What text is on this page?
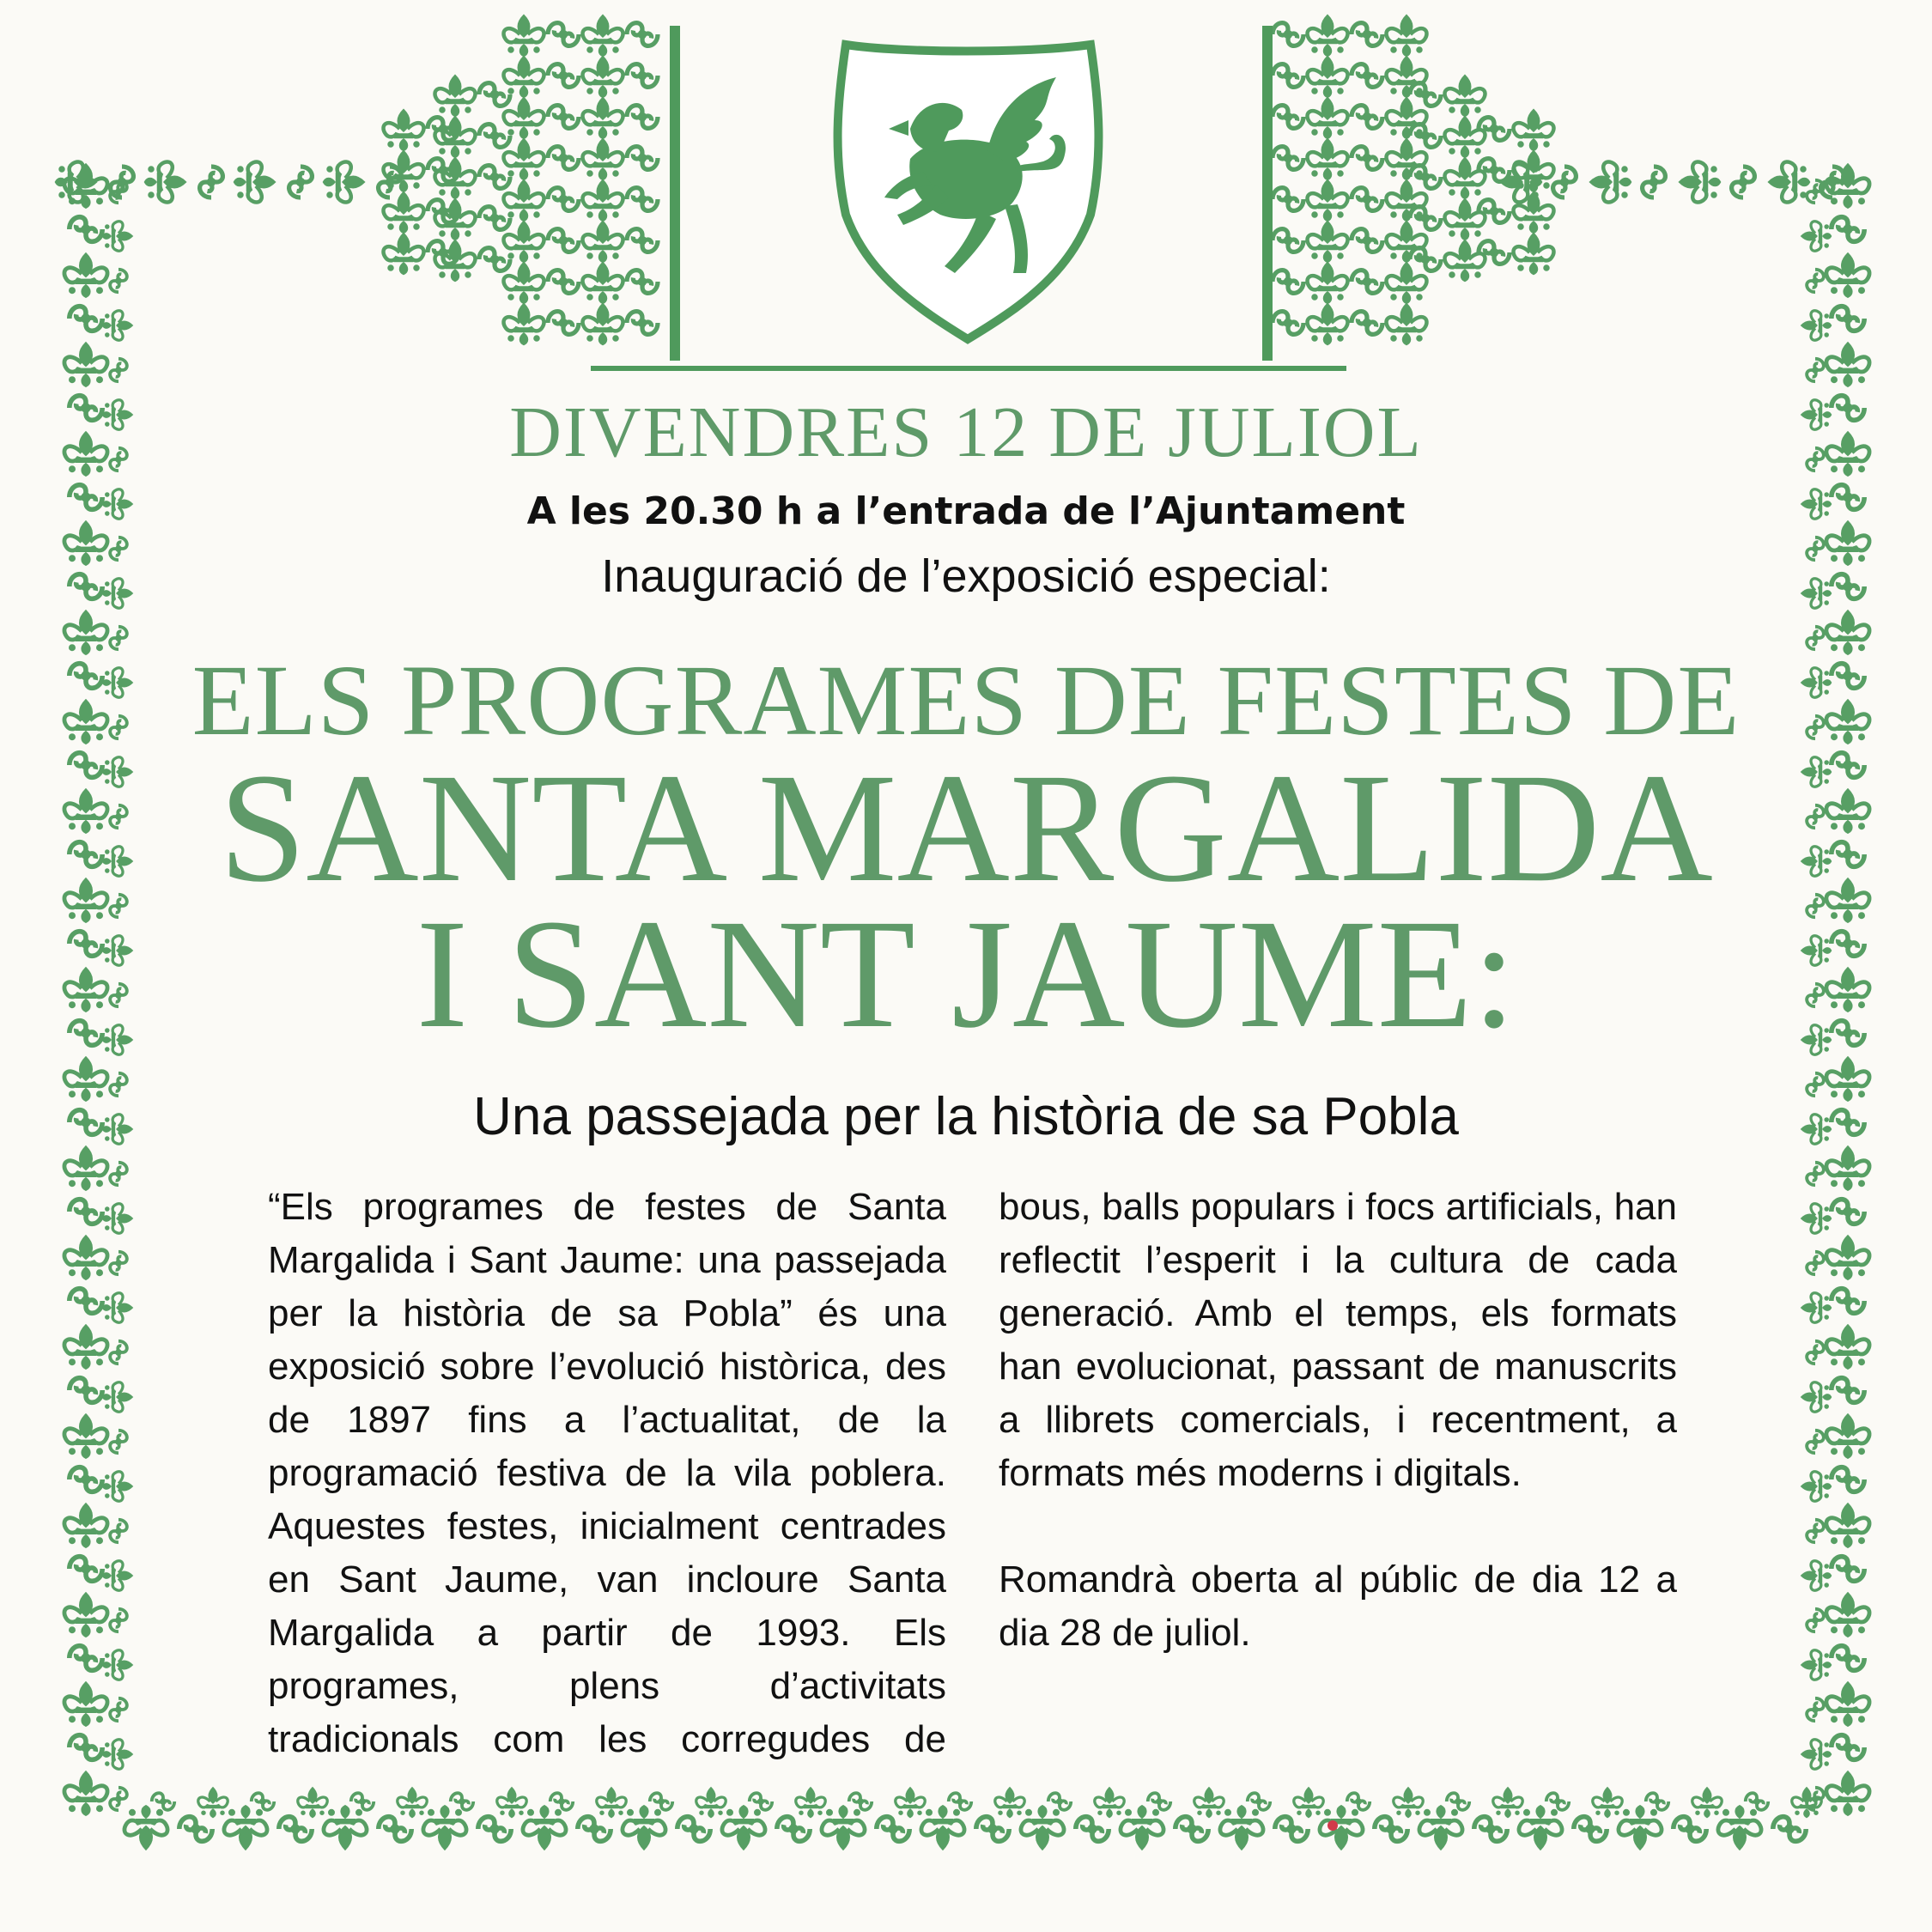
DIVENDRES 12 DE JULIOL
A les 20.30 h a l’entrada de l’Ajuntament
Inauguració de l’exposició especial:
ELS PROGRAMES DE FESTES DE
SANTA MARGALIDA
I SANT JAUME:
Una passejada per la història de sa Pobla

“Els programes de festes de Santa Margalida i Sant Jaume: una passejada per la història de sa Pobla” és una exposició sobre l’evolució històrica, des de 1897 fins a l’actualitat, de la programació festiva de la vila poblera. Aquestes festes, inicialment centrades en Sant Jaume, van incloure Santa Margalida a partir de 1993. Els programes, plens d’activitats tradicionals com les corregudes de

bous, balls populars i focs artificials, han reflectit l’esperit i la cultura de cada generació. Amb el temps, els formats han evolucionat, passant de manuscrits a llibrets comercials, i recentment, a formats més moderns i digitals.

Romandrà oberta al públic de dia 12 a dia 28 de juliol.
